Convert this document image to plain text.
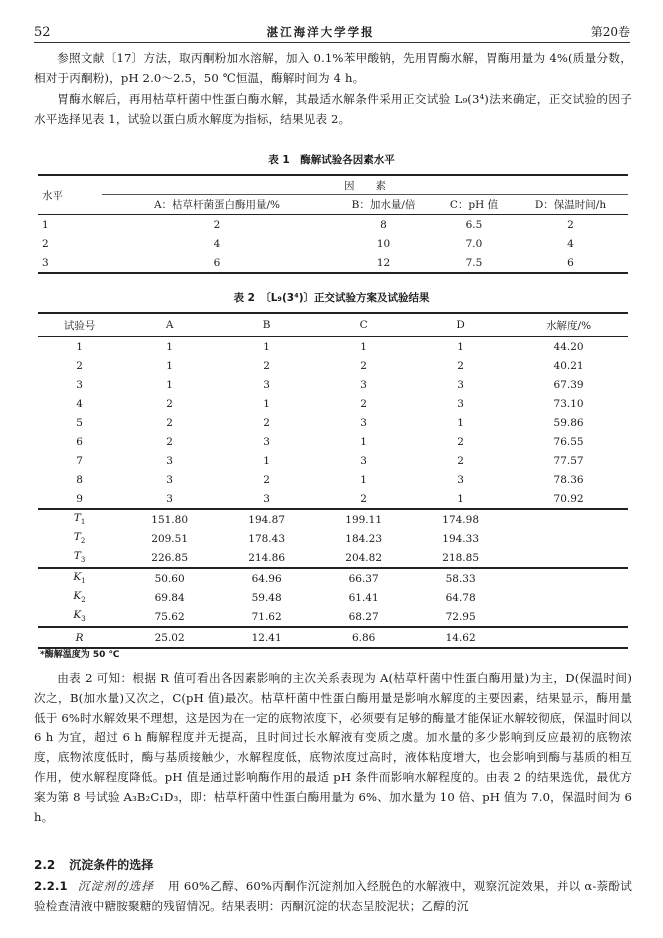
52	湛江海洋大学学报	第20卷

参照文献〔17〕方法，取丙酮粉加水溶解，加入 0.1%苯甲酸钠，先用胃酶水解，胃酶用量为 4%(质量分数，相对于丙酮粉)，pH 2.0～2.5，50 ℃恒温，酶解时间为 4 h。

胃酶水解后，再用枯草杆菌中性蛋白酶水解，其最适水解条件采用正交试验 L₉(3⁴)法来确定，正交试验的因子水平选择见表 1，试验以蛋白质水解度为指标，结果见表 2。

表 1　酶解试验各因素水平
水平	因　　素			
	A：枯草杆菌蛋白酶用量/%	B：加水量/倍	C：pH 值	D：保温时间/h
1	2	8	6.5	2
2	4	10	7.0	4
3	6	12	7.5	6
表 2　〔L₉(3⁴)〕正交试验方案及试验结果
试验号	A	B	C	D	水解度/%
1	1	1	1	1	44.20
2	1	2	2	2	40.21
3	1	3	3	3	67.39
4	2	1	2	3	73.10
5	2	2	3	1	59.86
6	2	3	1	2	76.55
7	3	1	3	2	77.57
8	3	2	1	3	78.36
9	3	3	2	1	70.92
$T_1$	151.80	194.87	199.11	174.98	
$T_2$	209.51	178.43	184.23	194.33	
$T_3$	226.85	214.86	204.82	218.85	
$K_1$	50.60	64.96	66.37	58.33	
$K_2$	69.84	59.48	61.41	64.78	
$K_3$	75.62	71.62	68.27	72.95	
R	25.02	12.41	6.86	14.62	
*酶解温度为 50 ℃

由表 2 可知：根据 R 值可看出各因素影响的主次关系表现为 A(枯草杆菌中性蛋白酶用量)为主，D(保温时间)次之，B(加水量)又次之，C(pH 值)最次。枯草杆菌中性蛋白酶用量是影响水解度的主要因素，结果显示，酶用量低于 6%时水解效果不理想，这是因为在一定的底物浓度下，必须要有足够的酶量才能保证水解较彻底，保温时间以 6 h 为宜，超过 6 h 酶解程度并无提高，且时间过长水解液有变质之虞。加水量的多少影响到反应最初的底物浓度，底物浓度低时，酶与基质接触少，水解程度低，底物浓度过高时，液体粘度增大，也会影响到酶与基质的相互作用，使水解程度降低。pH 值是通过影响酶作用的最适 pH 条件而影响水解程度的。由表 2 的结果选优，最优方案为第 8 号试验 A₃B₂C₁D₃，即：枯草杆菌中性蛋白酶用量为 6%、加水量为 10 倍、pH 值为 7.0，保温时间为 6 h。

2.2 沉淀条件的选择

2.2.1 沉淀剂的选择 用 60%乙醇、60%丙酮作沉淀剂加入经脱色的水解液中，观察沉淀效果，并以 α-萘酚试验检查清液中糖胺聚糖的残留情况。结果表明：丙酮沉淀的状态呈胶泥状；乙醇的沉
